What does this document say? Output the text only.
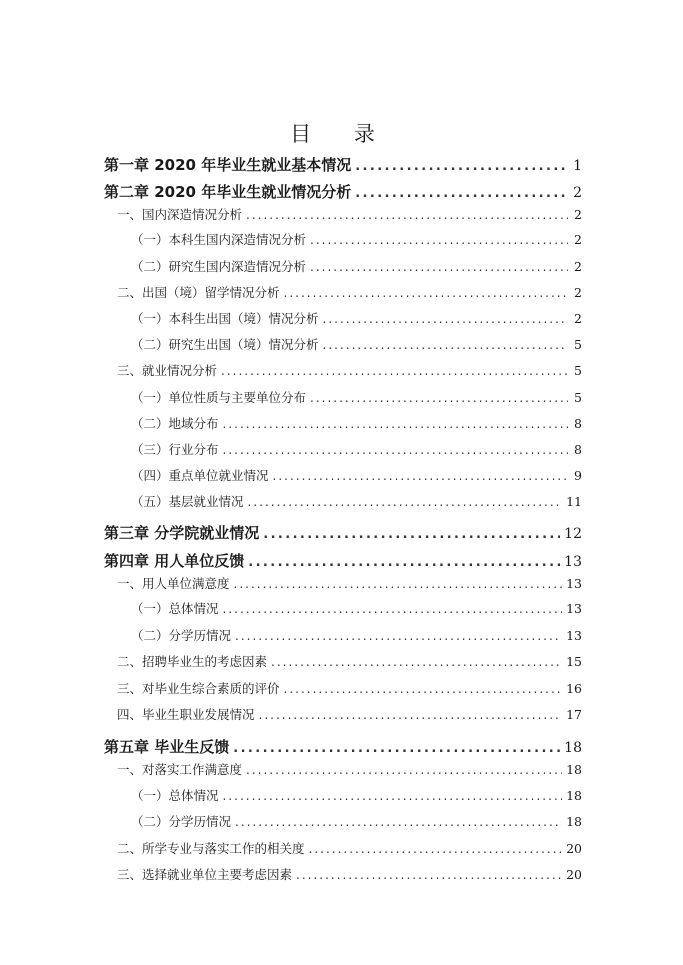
目 录
第一章 2020 年毕业生就业基本情况 .....	1
第二章 2020 年毕业生就业情况分析 .....	2
一、国内深造情况分析 .....	2
（一）本科生国内深造情况分析 .....	2
（二）研究生国内深造情况分析 .....	2
二、出国（境）留学情况分析 .....	2
（一）本科生出国（境）情况分析 .....	2
（二）研究生出国（境）情况分析 .....	5
三、就业情况分析 .....	5
（一）单位性质与主要单位分布 .....	5
（二）地域分布 .....	8
（三）行业分布 .....	8
（四）重点单位就业情况 .....	9
（五）基层就业情况 .....	11
第三章 分学院就业情况 .....	12
第四章 用人单位反馈 .....	13
一、用人单位满意度 .....	13
（一）总体情况 .....	13
（二）分学历情况 .....	13
二、招聘毕业生的考虑因素 .....	15
三、对毕业生综合素质的评价 .....	16
四、毕业生职业发展情况 .....	17
第五章 毕业生反馈 .....	18
一、对落实工作满意度 .....	18
（一）总体情况 .....	18
（二）分学历情况 .....	18
二、所学专业与落实工作的相关度 .....	20
三、选择就业单位主要考虑因素 .....	20
